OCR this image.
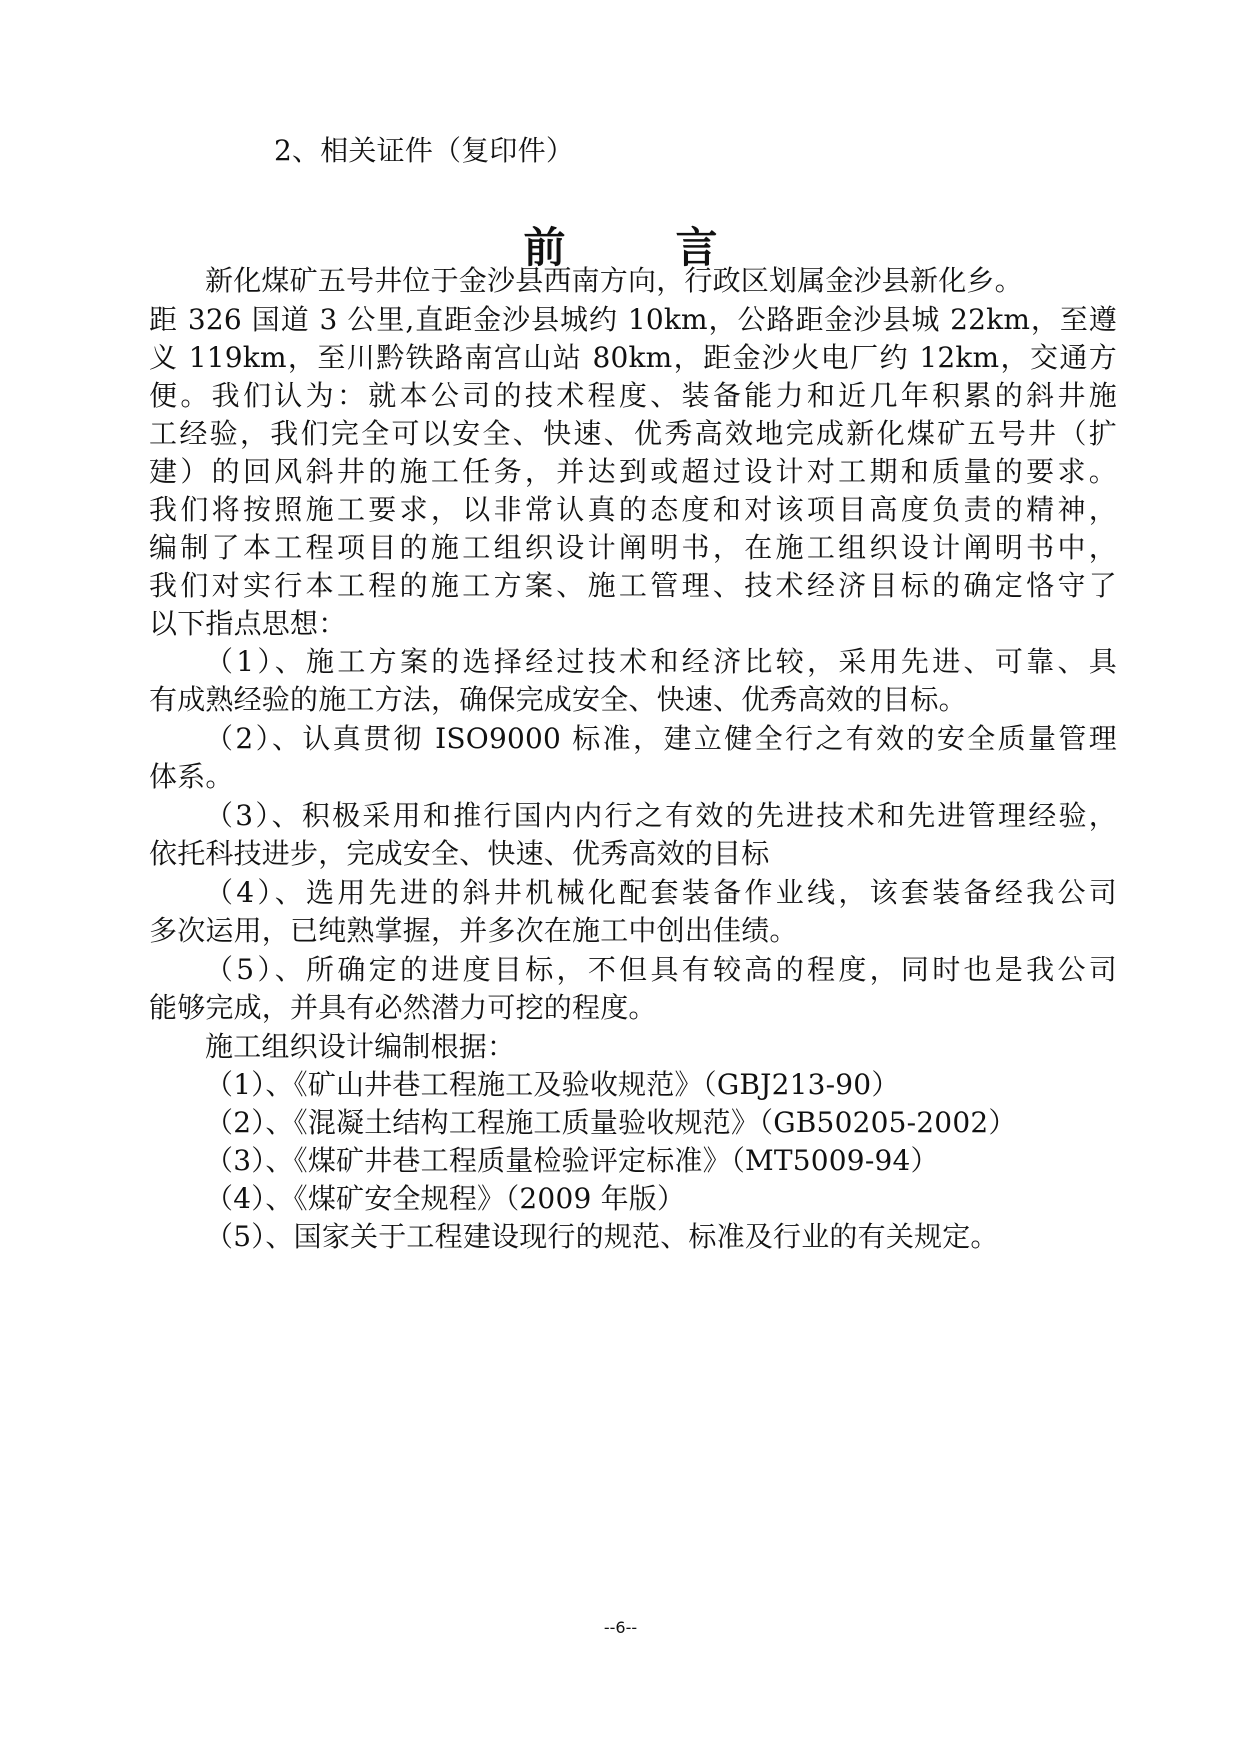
2、相关证件（复印件）
前	言
新化煤矿五号井位于金沙县西南方向，行政区划属金沙县新化乡。
距 326 国道 3 公里,直距金沙县城约 10km，公路距金沙县城 22km，至遵
义 119km，至川黔铁路南宫山站 80km，距金沙火电厂约 12km，交通方
便。我们认为：就本公司的技术程度、装备能力和近几年积累的斜井施
工经验，我们完全可以安全、快速、优秀高效地完成新化煤矿五号井（扩
建）的回风斜井的施工任务，并达到或超过设计对工期和质量的要求。
我们将按照施工要求，以非常认真的态度和对该项目高度负责的精神，
编制了本工程项目的施工组织设计阐明书，在施工组织设计阐明书中，
我们对实行本工程的施工方案、施工管理、技术经济目标的确定恪守了
以下指点思想：
（1）、施工方案的选择经过技术和经济比较，采用先进、可靠、具
有成熟经验的施工方法，确保完成安全、快速、优秀高效的目标。
（2）、认真贯彻 ISO9000 标准，建立健全行之有效的安全质量管理
体系。
（3）、积极采用和推行国内内行之有效的先进技术和先进管理经验，
依托科技进步，完成安全、快速、优秀高效的目标
（4）、选用先进的斜井机械化配套装备作业线，该套装备经我公司
多次运用，已纯熟掌握，并多次在施工中创出佳绩。
（5）、所确定的进度目标，不但具有较高的程度，同时也是我公司
能够完成，并具有必然潜力可挖的程度。
施工组织设计编制根据：
（1）、《矿山井巷工程施工及验收规范》（GBJ213-90）
（2）、《混凝土结构工程施工质量验收规范》（GB50205-2002）
（3）、《煤矿井巷工程质量检验评定标准》（MT5009-94）
（4）、《煤矿安全规程》（2009 年版）
（5）、国家关于工程建设现行的规范、标准及行业的有关规定。
--6--
